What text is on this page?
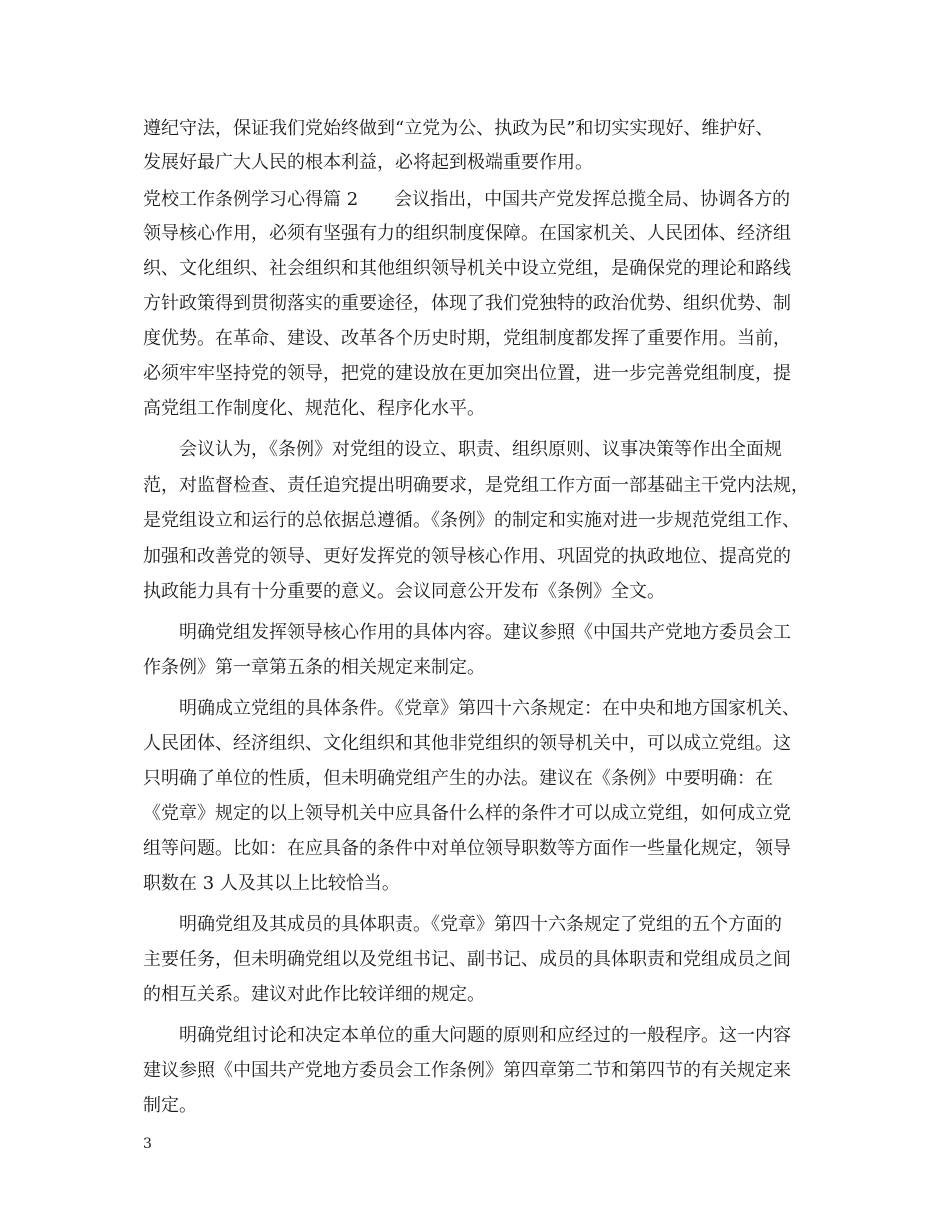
遵纪守法，保证我们党始终做到“立党为公、执政为民”和切实实现好、维护好、

发展好最广大人民的根本利益，必将起到极端重要作用。

党校工作条例学习心得篇 2　　会议指出，中国共产党发挥总揽全局、协调各方的

领导核心作用，必须有坚强有力的组织制度保障。在国家机关、人民团体、经济组

织、文化组织、社会组织和其他组织领导机关中设立党组，是确保党的理论和路线

方针政策得到贯彻落实的重要途径，体现了我们党独特的政治优势、组织优势、制

度优势。在革命、建设、改革各个历史时期，党组制度都发挥了重要作用。当前，

必须牢牢坚持党的领导，把党的建设放在更加突出位置，进一步完善党组制度，提

高党组工作制度化、规范化、程序化水平。

　　会议认为，《条例》对党组的设立、职责、组织原则、议事决策等作出全面规

范，对监督检查、责任追究提出明确要求，是党组工作方面一部基础主干党内法规，

是党组设立和运行的总依据总遵循。《条例》的制定和实施对进一步规范党组工作、

加强和改善党的领导、更好发挥党的领导核心作用、巩固党的执政地位、提高党的

执政能力具有十分重要的意义。会议同意公开发布《条例》全文。

　　明确党组发挥领导核心作用的具体内容。建议参照《中国共产党地方委员会工

作条例》第一章第五条的相关规定来制定。

　　明确成立党组的具体条件。《党章》第四十六条规定：在中央和地方国家机关、

人民团体、经济组织、文化组织和其他非党组织的领导机关中，可以成立党组。这

只明确了单位的性质，但未明确党组产生的办法。建议在《条例》中要明确：在

《党章》规定的以上领导机关中应具备什么样的条件才可以成立党组，如何成立党

组等问题。比如：在应具备的条件中对单位领导职数等方面作一些量化规定，领导

职数在 3 人及其以上比较恰当。

　　明确党组及其成员的具体职责。《党章》第四十六条规定了党组的五个方面的

主要任务，但未明确党组以及党组书记、副书记、成员的具体职责和党组成员之间

的相互关系。建议对此作比较详细的规定。

　　明确党组讨论和决定本单位的重大问题的原则和应经过的一般程序。这一内容

建议参照《中国共产党地方委员会工作条例》第四章第二节和第四节的有关规定来

制定。

3
